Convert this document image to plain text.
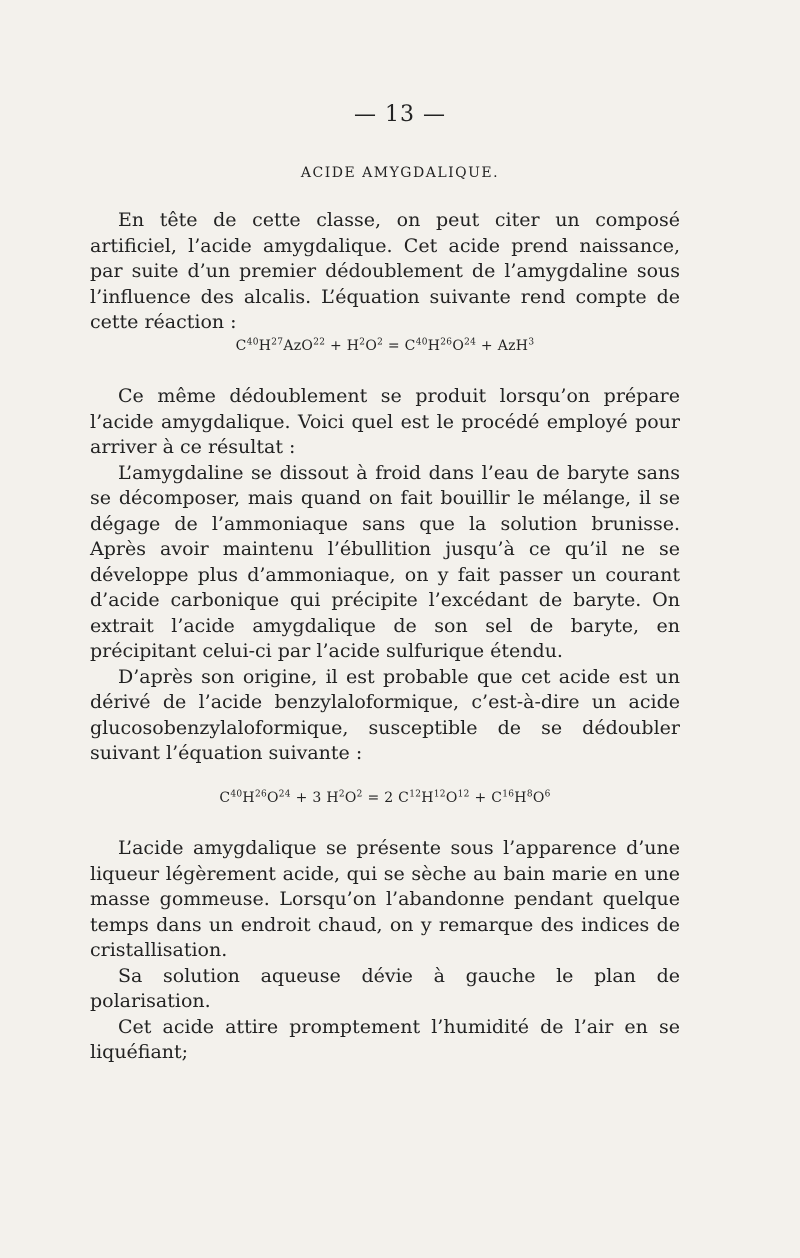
— 13 —
ACIDE AMYGDALIQUE.

En tête de cette classe, on peut citer un composé artificiel, l’acide amygdalique. Cet acide prend naissance, par suite d’un premier dédoublement de l’amygdaline sous l’influence des alcalis. L’équation suivante rend compte de cette réaction :

$C^{40}H^{27}AzO^{22} + H^2O^2 = C^{40}H^{26}O^{24} + AzH^3$

Ce même dédoublement se produit lorsqu’on prépare l’acide amygdalique. Voici quel est le procédé employé pour arriver à ce résultat :

L’amygdaline se dissout à froid dans l’eau de baryte sans se décomposer, mais quand on fait bouillir le mélange, il se dégage de l’ammoniaque sans que la solution brunisse. Après avoir maintenu l’ébullition jusqu’à ce qu’il ne se développe plus d’ammoniaque, on y fait passer un courant d’acide carbonique qui précipite l’excédant de baryte. On extrait l’acide amygdalique de son sel de baryte, en précipitant celui-ci par l’acide sulfurique étendu.

D’après son origine, il est probable que cet acide est un dérivé de l’acide benzylaloformique, c’est-à-dire un acide glucosobenzylaloformique, susceptible de se dédoubler suivant l’équation suivante :

$C^{40}H^{26}O^{24} + 3$ $H^2O^2 = 2$ $C^{12}H^{12}O^{12} + C^{16}H^8O^6$

L’acide amygdalique se présente sous l’apparence d’une liqueur légèrement acide, qui se sèche au bain marie en une masse gommeuse. Lorsqu’on l’abandonne pendant quelque temps dans un endroit chaud, on y remarque des indices de cristallisation.

Sa solution aqueuse dévie à gauche le plan de polarisation.

Cet acide attire promptement l’humidité de l’air en se liquéfiant;
